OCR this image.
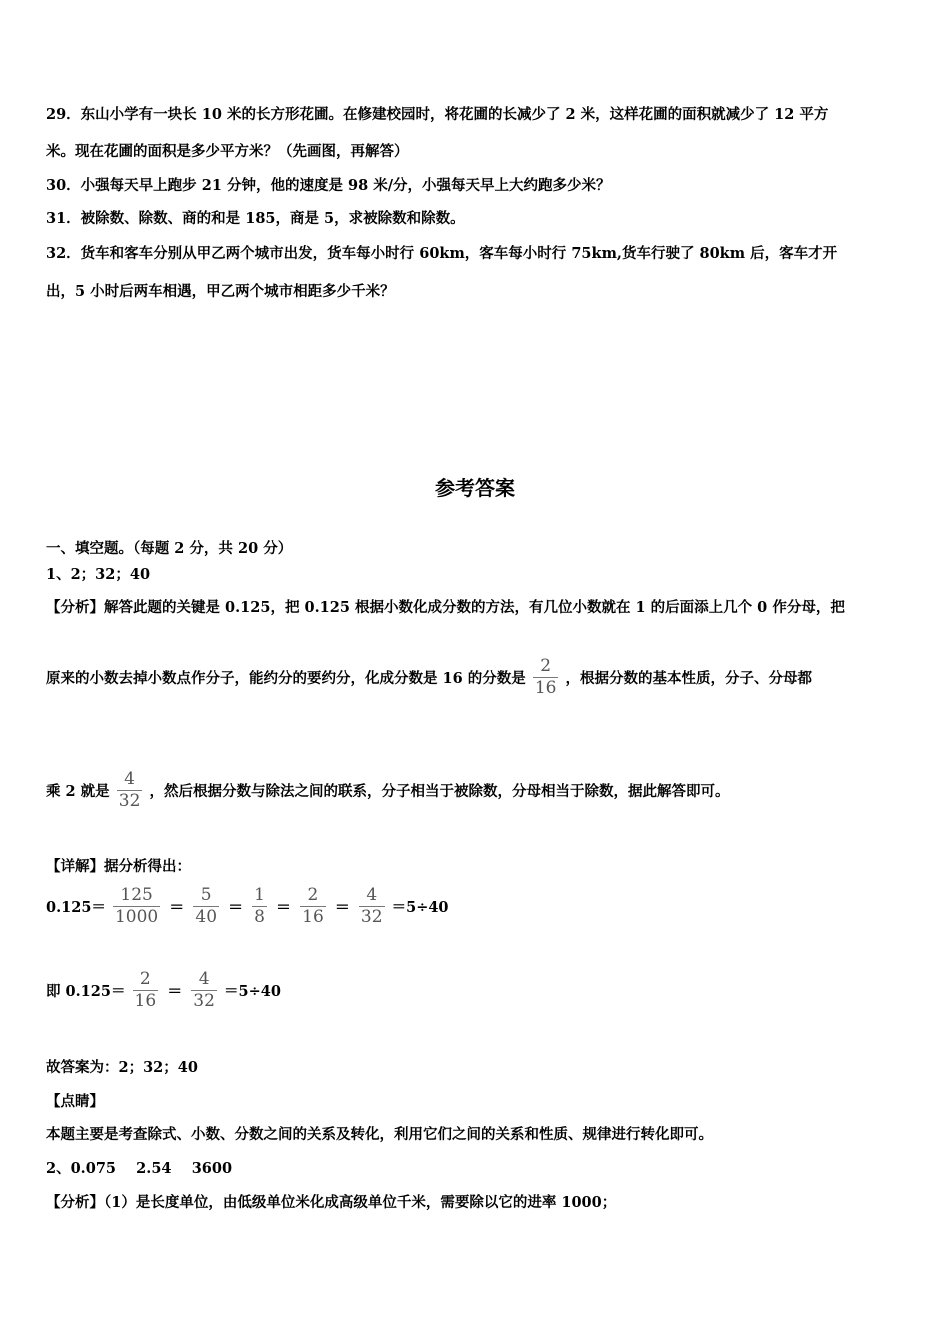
29．东山小学有一块长 10 米的长方形花圃。在修建校园时，将花圃的长减少了 2 米，这样花圃的面积就减少了 12 平方
米。现在花圃的面积是多少平方米？（先画图，再解答）
30．小强每天早上跑步 21 分钟，他的速度是 98 米/分，小强每天早上大约跑多少米？
31．被除数、除数、商的和是 185，商是 5，求被除数和除数。
32．货车和客车分别从甲乙两个城市出发，货车每小时行 60km，客车每小时行 75km,货车行驶了 80km 后，客车才开
出，5 小时后两车相遇，甲乙两个城市相距多少千米？
参考答案
一、填空题。（每题 2 分，共 20 分）
1、2；32；40
【分析】解答此题的关键是 0.125，把 0.125 根据小数化成分数的方法，有几位小数就在 1 的后面添上几个 0 作分母，把
原来的小数去掉小数点作分子，能约分的要约分，化成分数是 16 的分数是 $\frac{2}{16}$ ，根据分数的基本性质，分子、分母都
乘 2 就是 $\frac{4}{32}$ ，然后根据分数与除法之间的联系，分子相当于被除数，分母相当于除数，据此解答即可。
【详解】据分析得出：
$0.125= \frac{125}{1000} = \frac{5}{40} = \frac{1}{8} = \frac{2}{16} = \frac{4}{32} =5\div 40$
即 $0.125= \frac{2}{16} = \frac{4}{32} =5\div 40$
故答案为：2；32；40
【点睛】
本题主要是考查除式、小数、分数之间的关系及转化，利用它们之间的关系和性质、规律进行转化即可。
2、0.075    2.54    3600
【分析】（1）是长度单位，由低级单位米化成高级单位千米，需要除以它的进率 1000；
